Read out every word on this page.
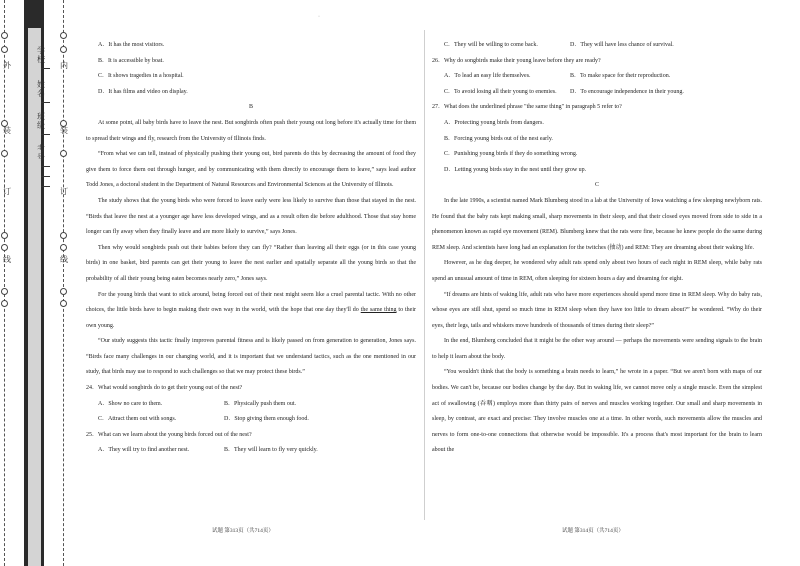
外
装
订
线
内
装
订
线
学校
姓名
班级
考号
·

A．It has the most visitors.

B．It is accessible by boat.

C．It shows tragedies in a hospital.

D．It has films and video on display.

B

At some point, all baby birds have to leave the nest. But songbirds often push their young out long before it's actually time for them to spread their wings and fly, research from the University of Illinois finds.

“From what we can tell, instead of physically pushing their young out, bird parents do this by decreasing the amount of food they give them to force them out through hunger, and by communicating with them directly to encourage them to leave,” says lead author Todd Jones, a doctoral student in the Department of Natural Resources and Environmental Sciences at the University of Illinois.

The study shows that the young birds who were forced to leave early were less likely to survive than those that stayed in the nest. “Birds that leave the nest at a younger age have less developed wings, and as a result often die before adulthood. Those that stay home longer can fly away when they finally leave and are more likely to survive,” says Jones.

Then why would songbirds push out their babies before they can fly? “Rather than leaving all their eggs (or in this case young birds) in one basket, bird parents can get their young to leave the nest earlier and spatially separate all the young birds so that the probability of all their young being eaten becomes nearly zero,” Jones says.

For the young birds that want to stick around, being forced out of their nest might seem like a cruel parental tactic. With no other choices, the little birds have to begin making their own way in the world, with the hope that one day they'll do the same thing to their own young.

“Our study suggests this tactic finally improves parental fitness and is likely passed on from generation to generation, Jones says. “Birds face many challenges in our changing world, and it is important that we understand tactics, such as the one mentioned in our study, that birds may use to respond to such challenges so that we may protect these birds.”

24．What would songbirds do to get their young out of the nest?

A．Show no care to them.	B．Physically push them out.

C．Attract them out with songs.	D．Stop giving them enough food.

25．What can we learn about the young birds forced out of the nest?

A．They will try to find another nest.	B．They will learn to fly very quickly.

C．They will be willing to come back.	D．They will have less chance of survival.

26．Why do songbirds make their young leave before they are ready?

A．To lead an easy life themselves.	B．To make space for their reproduction.

C．To avoid losing all their young to enemies.	D．To encourage independence in their young.

27．What does the underlined phrase "the same thing" in paragraph 5 refer to?

A．Protecting young birds from dangers.

B．Forcing young birds out of the nest early.

C．Punishing young birds if they do something wrong.

D．Letting young birds stay in the nest until they grow up.

C

In the late 1990s, a scientist named Mark Blumberg stood in a lab at the University of Iowa watching a few sleeping newlyborn rats. He found that the baby rats kept making small, sharp movements in their sleep, and that their closed eyes moved from side to side in a phenomenon known as rapid eye movement (REM). Blumberg knew that the rats were fine, because he knew people do the same during REM sleep. And scientists have long had an explanation for the twitches (抽动) and REM: They are dreaming about their waking life.

However, as he dug deeper, he wondered why adult rats spend only about two hours of each night in REM sleep, while baby rats spend an unusual amount of time in REM, often sleeping for sixteen hours a day and dreaming for eight.

“If dreams are hints of waking life, adult rats who have more experiences should spend more time in REM sleep. Why do baby rats, whose eyes are still shut, spend so much time in REM sleep when they have too little to dream about?” he wondered. “Why do their eyes, their legs, tails and whiskers move hundreds of thousands of times during their sleep?”

In the end, Blumberg concluded that it might be the other way around — perhaps the movements were sending signals to the brain to help it learn about the body.

“You wouldn't think that the body is something a brain needs to learn,” he wrote in a paper. “But we aren't born with maps of our bodies. We can't be, because our bodies change by the day. But in waking life, we cannot move only a single muscle. Even the simplest act of swallowing (吞咽) employs more than thirty pairs of nerves and muscles working together. Our small and sharp movements in sleep, by contrast, are exact and precise: They involve muscles one at a time. In other words, such movements allow the muscles and nerves to form one-to-one connections that otherwise would be impossible. It's a process that's most important for the brain to learn about the

试题 第313页（共714页）	试题 第314页（共714页）
